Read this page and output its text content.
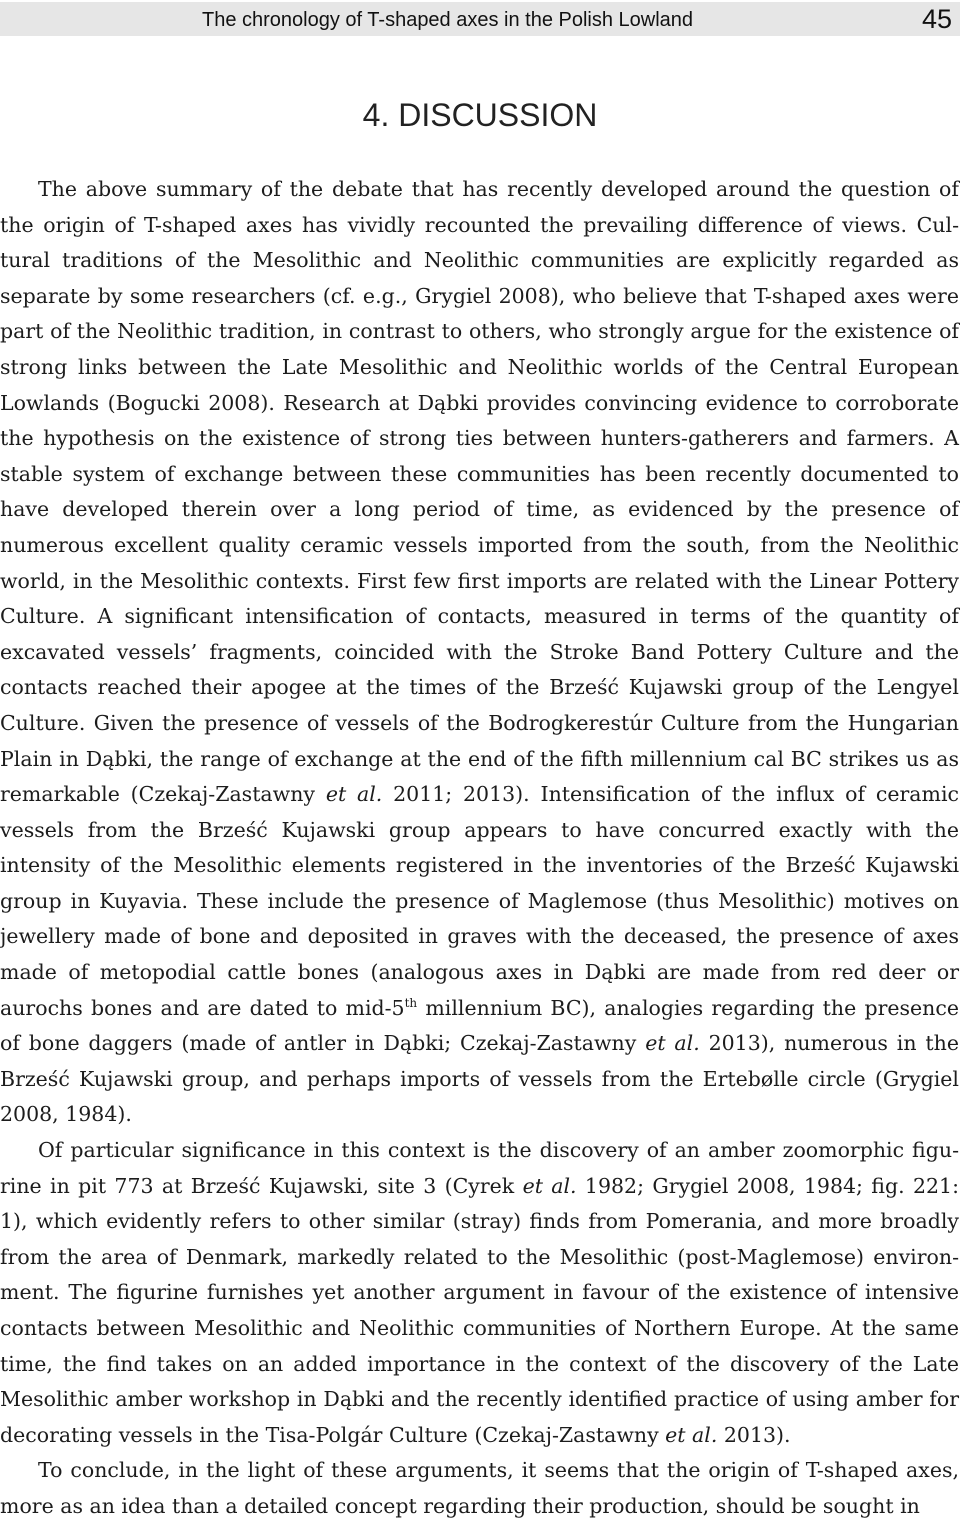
The chronology of T-shaped axes in the Polish Lowland	45
4. DISCUSSION

The above summary of the debate that has recently developed around the question of the origin of T-shaped axes has vividly recounted the prevailing difference of views. Cultural traditions of the Mesolithic and Neolithic communities are explicitly regarded as separate by some researchers (cf. e.g., Grygiel 2008), who believe that T-shaped axes were part of the Neolithic tradition, in contrast to others, who strongly argue for the existence of strong links between the Late Mesolithic and Neolithic worlds of the Central European Lowlands (Bogucki 2008). Research at Dąbki provides convincing evidence to corroborate the hypothesis on the existence of strong ties between hunters-gatherers and farmers. A stable system of exchange between these communities has been recently documented to have developed therein over a long period of time, as evidenced by the presence of numerous excellent quality ceramic vessels imported from the south, from the Neolithic world, in the Mesolithic contexts. First few first imports are related with the Linear Pottery Culture. A significant intensification of contacts, measured in terms of the quantity of excavated vessels’ fragments, coincided with the Stroke Band Pottery Culture and the contacts reached their apogee at the times of the Brześć Kujawski group of the Lengyel Culture. Given the presence of vessels of the Bodrogkerestúr Culture from the Hungarian Plain in Dąbki, the range of exchange at the end of the fifth millennium cal BC strikes us as remarkable (Czekaj-Zastawny et al. 2011; 2013). Intensification of the influx of ceramic vessels from the Brześć Kujawski group appears to have concurred exactly with the intensity of the Mesolithic elements registered in the inventories of the Brześć Kujawski group in Kuyavia. These include the presence of Maglemose (thus Mesolithic) motives on jewellery made of bone and deposited in graves with the deceased, the presence of axes made of metopodial cattle bones (analogous axes in Dąbki are made from red deer or aurochs bones and are dated to mid-5th millennium BC), analogies regarding the presence of bone daggers (made of antler in Dąbki; Czekaj-Zastawny et al. 2013), numerous in the Brześć Kujawski group, and perhaps imports of vessels from the Ertebølle circle (Grygiel 2008, 1984).

Of particular significance in this context is the discovery of an amber zoomorphic figurine in pit 773 at Brześć Kujawski, site 3 (Cyrek et al. 1982; Grygiel 2008, 1984; fig. 221: 1), which evidently refers to other similar (stray) finds from Pomerania, and more broadly from the area of Denmark, markedly related to the Mesolithic (post-Maglemose) environment. The figurine furnishes yet another argument in favour of the existence of intensive contacts between Mesolithic and Neolithic communities of Northern Europe. At the same time, the find takes on an added importance in the context of the discovery of the Late Mesolithic amber workshop in Dąbki and the recently identified practice of using amber for decorating vessels in the Tisa-Polgár Culture (Czekaj-Zastawny et al. 2013).

To conclude, in the light of these arguments, it seems that the origin of T-shaped axes, more as an idea than a detailed concept regarding their production, should be sought in
